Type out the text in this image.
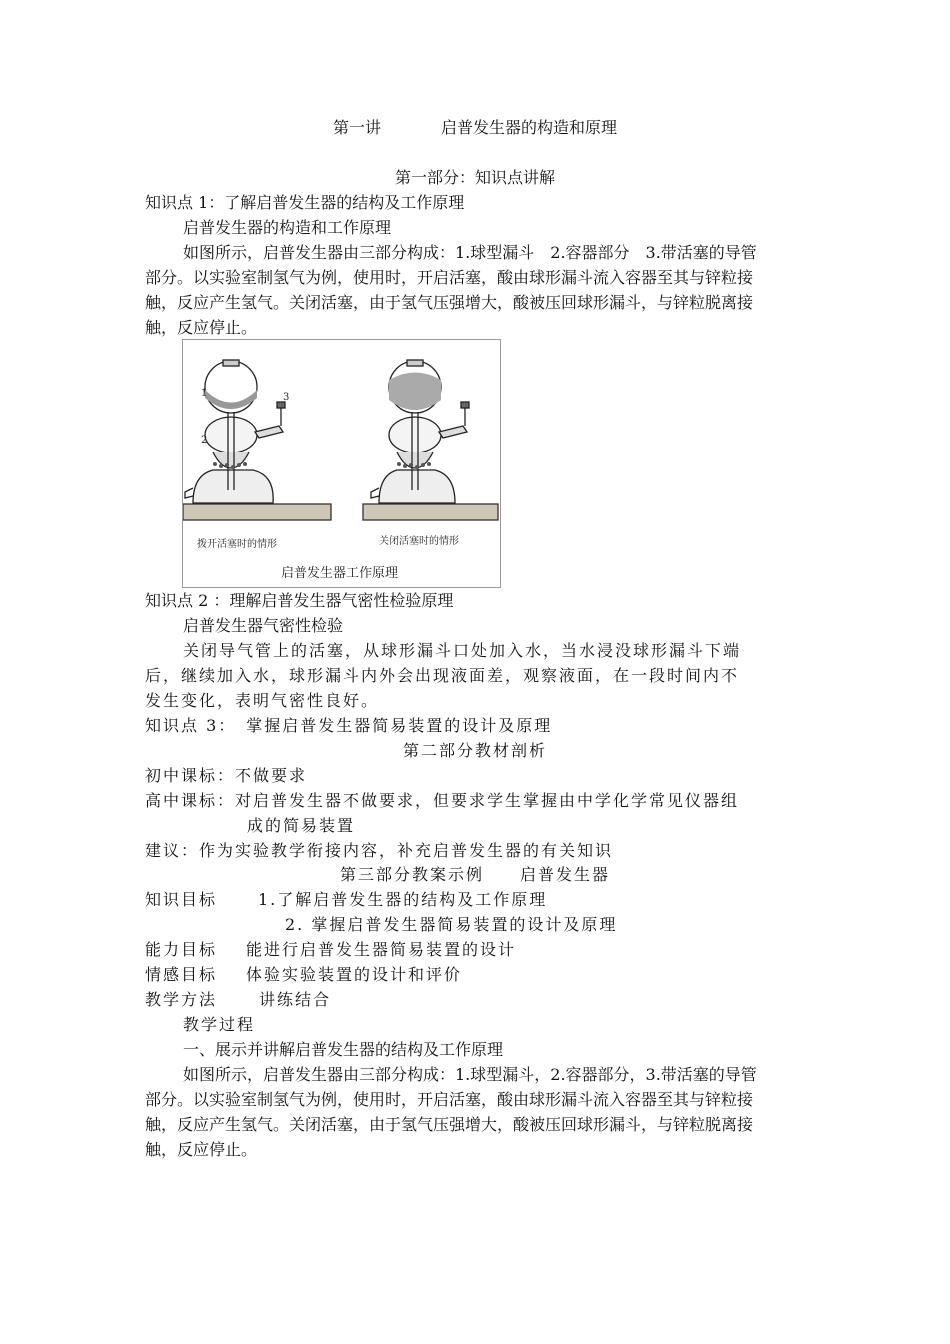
第一讲	启普发生器的构造和原理
第一部分：知识点讲解
知识点 1：了解启普发生器的结构及工作原理
启普发生器的构造和工作原理
如图所示，启普发生器由三部分构成：1.球型漏斗　2.容器部分　3.带活塞的导管
部分。以实验室制氢气为例，使用时，开启活塞，酸由球形漏斗流入容器至其与锌粒接
触，反应产生氢气。关闭活塞，由于氢气压强增大，酸被压回球形漏斗，与锌粒脱离接
触，反应停止。
1
2
3
拨开活塞时的情形	关闭活塞时的情形
启普发生器工作原理
知识点 2 ：理解启普发生器气密性检验原理
启普发生器气密性检验
关闭导气管上的活塞，从球形漏斗口处加入水，当水浸没球形漏斗下端
后，继续加入水，球形漏斗内外会出现液面差，观察液面，在一段时间内不
发生变化，表明气密性良好。
知识点 3：　掌握启普发生器简易装置的设计及原理
第二部分教材剖析
初中课标：不做要求
高中课标：对启普发生器不做要求，但要求学生掌握由中学化学常见仪器组
成的简易装置
建议：作为实验教学衔接内容，补充启普发生器的有关知识
第三部分教案示例　　启普发生器
知识目标	1.了解启普发生器的结构及工作原理
2. 掌握启普发生器简易装置的设计及原理
能力目标 能进行启普发生器简易装置的设计
情感目标 体验实验装置的设计和评价
教学方法	讲练结合
教学过程
一、展示并讲解启普发生器的结构及工作原理
如图所示，启普发生器由三部分构成：1.球型漏斗，2.容器部分，3.带活塞的导管
部分。以实验室制氢气为例，使用时，开启活塞，酸由球形漏斗流入容器至其与锌粒接
触，反应产生氢气。关闭活塞，由于氢气压强增大，酸被压回球形漏斗，与锌粒脱离接
触，反应停止。
